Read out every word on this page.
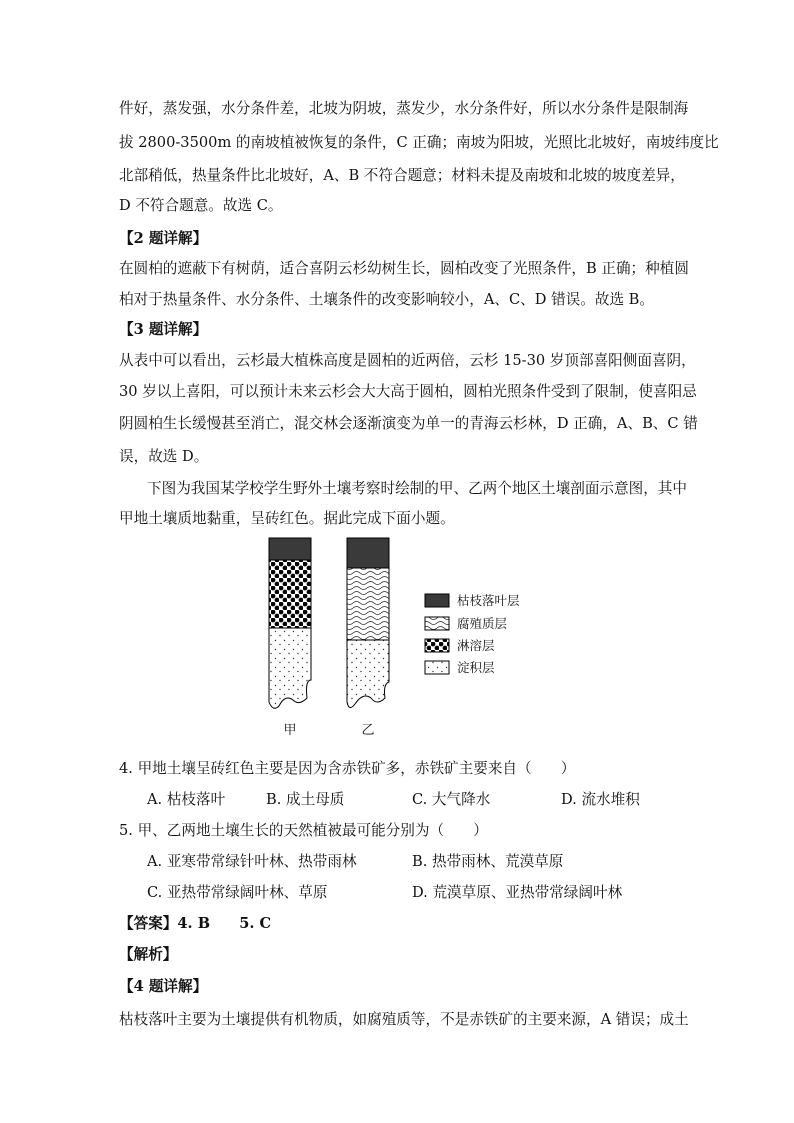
件好，蒸发强，水分条件差，北坡为阴坡，蒸发少，水分条件好，所以水分条件是限制海
拔 2800-3500m 的南坡植被恢复的条件，C 正确；南坡为阳坡，光照比北坡好，南坡纬度比
北部稍低，热量条件比北坡好，A、B 不符合题意；材料未提及南坡和北坡的坡度差异，
D 不符合题意。故选 C。
【2 题详解】
在圆柏的遮蔽下有树荫，适合喜阴云杉幼树生长，圆柏改变了光照条件，B 正确；种植圆
柏对于热量条件、水分条件、土壤条件的改变影响较小，A、C、D 错误。故选 B。
【3 题详解】
从表中可以看出，云杉最大植株高度是圆柏的近两倍，云杉 15-30 岁顶部喜阳侧面喜阴，
30 岁以上喜阳，可以预计未来云杉会大大高于圆柏，圆柏光照条件受到了限制，使喜阳忌
阴圆柏生长缓慢甚至消亡，混交林会逐渐演变为单一的青海云杉林，D 正确，A、B、C 错
误，故选 D。
下图为我国某学校学生野外土壤考察时绘制的甲、乙两个地区土壤剖面示意图，其中
甲地土壤质地黏重，呈砖红色。据此完成下面小题。
甲	乙
枯枝落叶层
腐殖质层
淋溶层
淀积层
4. 甲地土壤呈砖红色主要是因为含赤铁矿多，赤铁矿主要来自（　　）
A. 枯枝落叶	B. 成土母质	C. 大气降水	D. 流水堆积
5. 甲、乙两地土壤生长的天然植被最可能分别为（　　）
A. 亚寒带常绿针叶林、热带雨林	B. 热带雨林、荒漠草原
C. 亚热带常绿阔叶林、草原	D. 荒漠草原、亚热带常绿阔叶林
【答案】4. B　　5. C
【解析】
【4 题详解】
枯枝落叶主要为土壤提供有机物质，如腐殖质等，不是赤铁矿的主要来源，A 错误；成土
